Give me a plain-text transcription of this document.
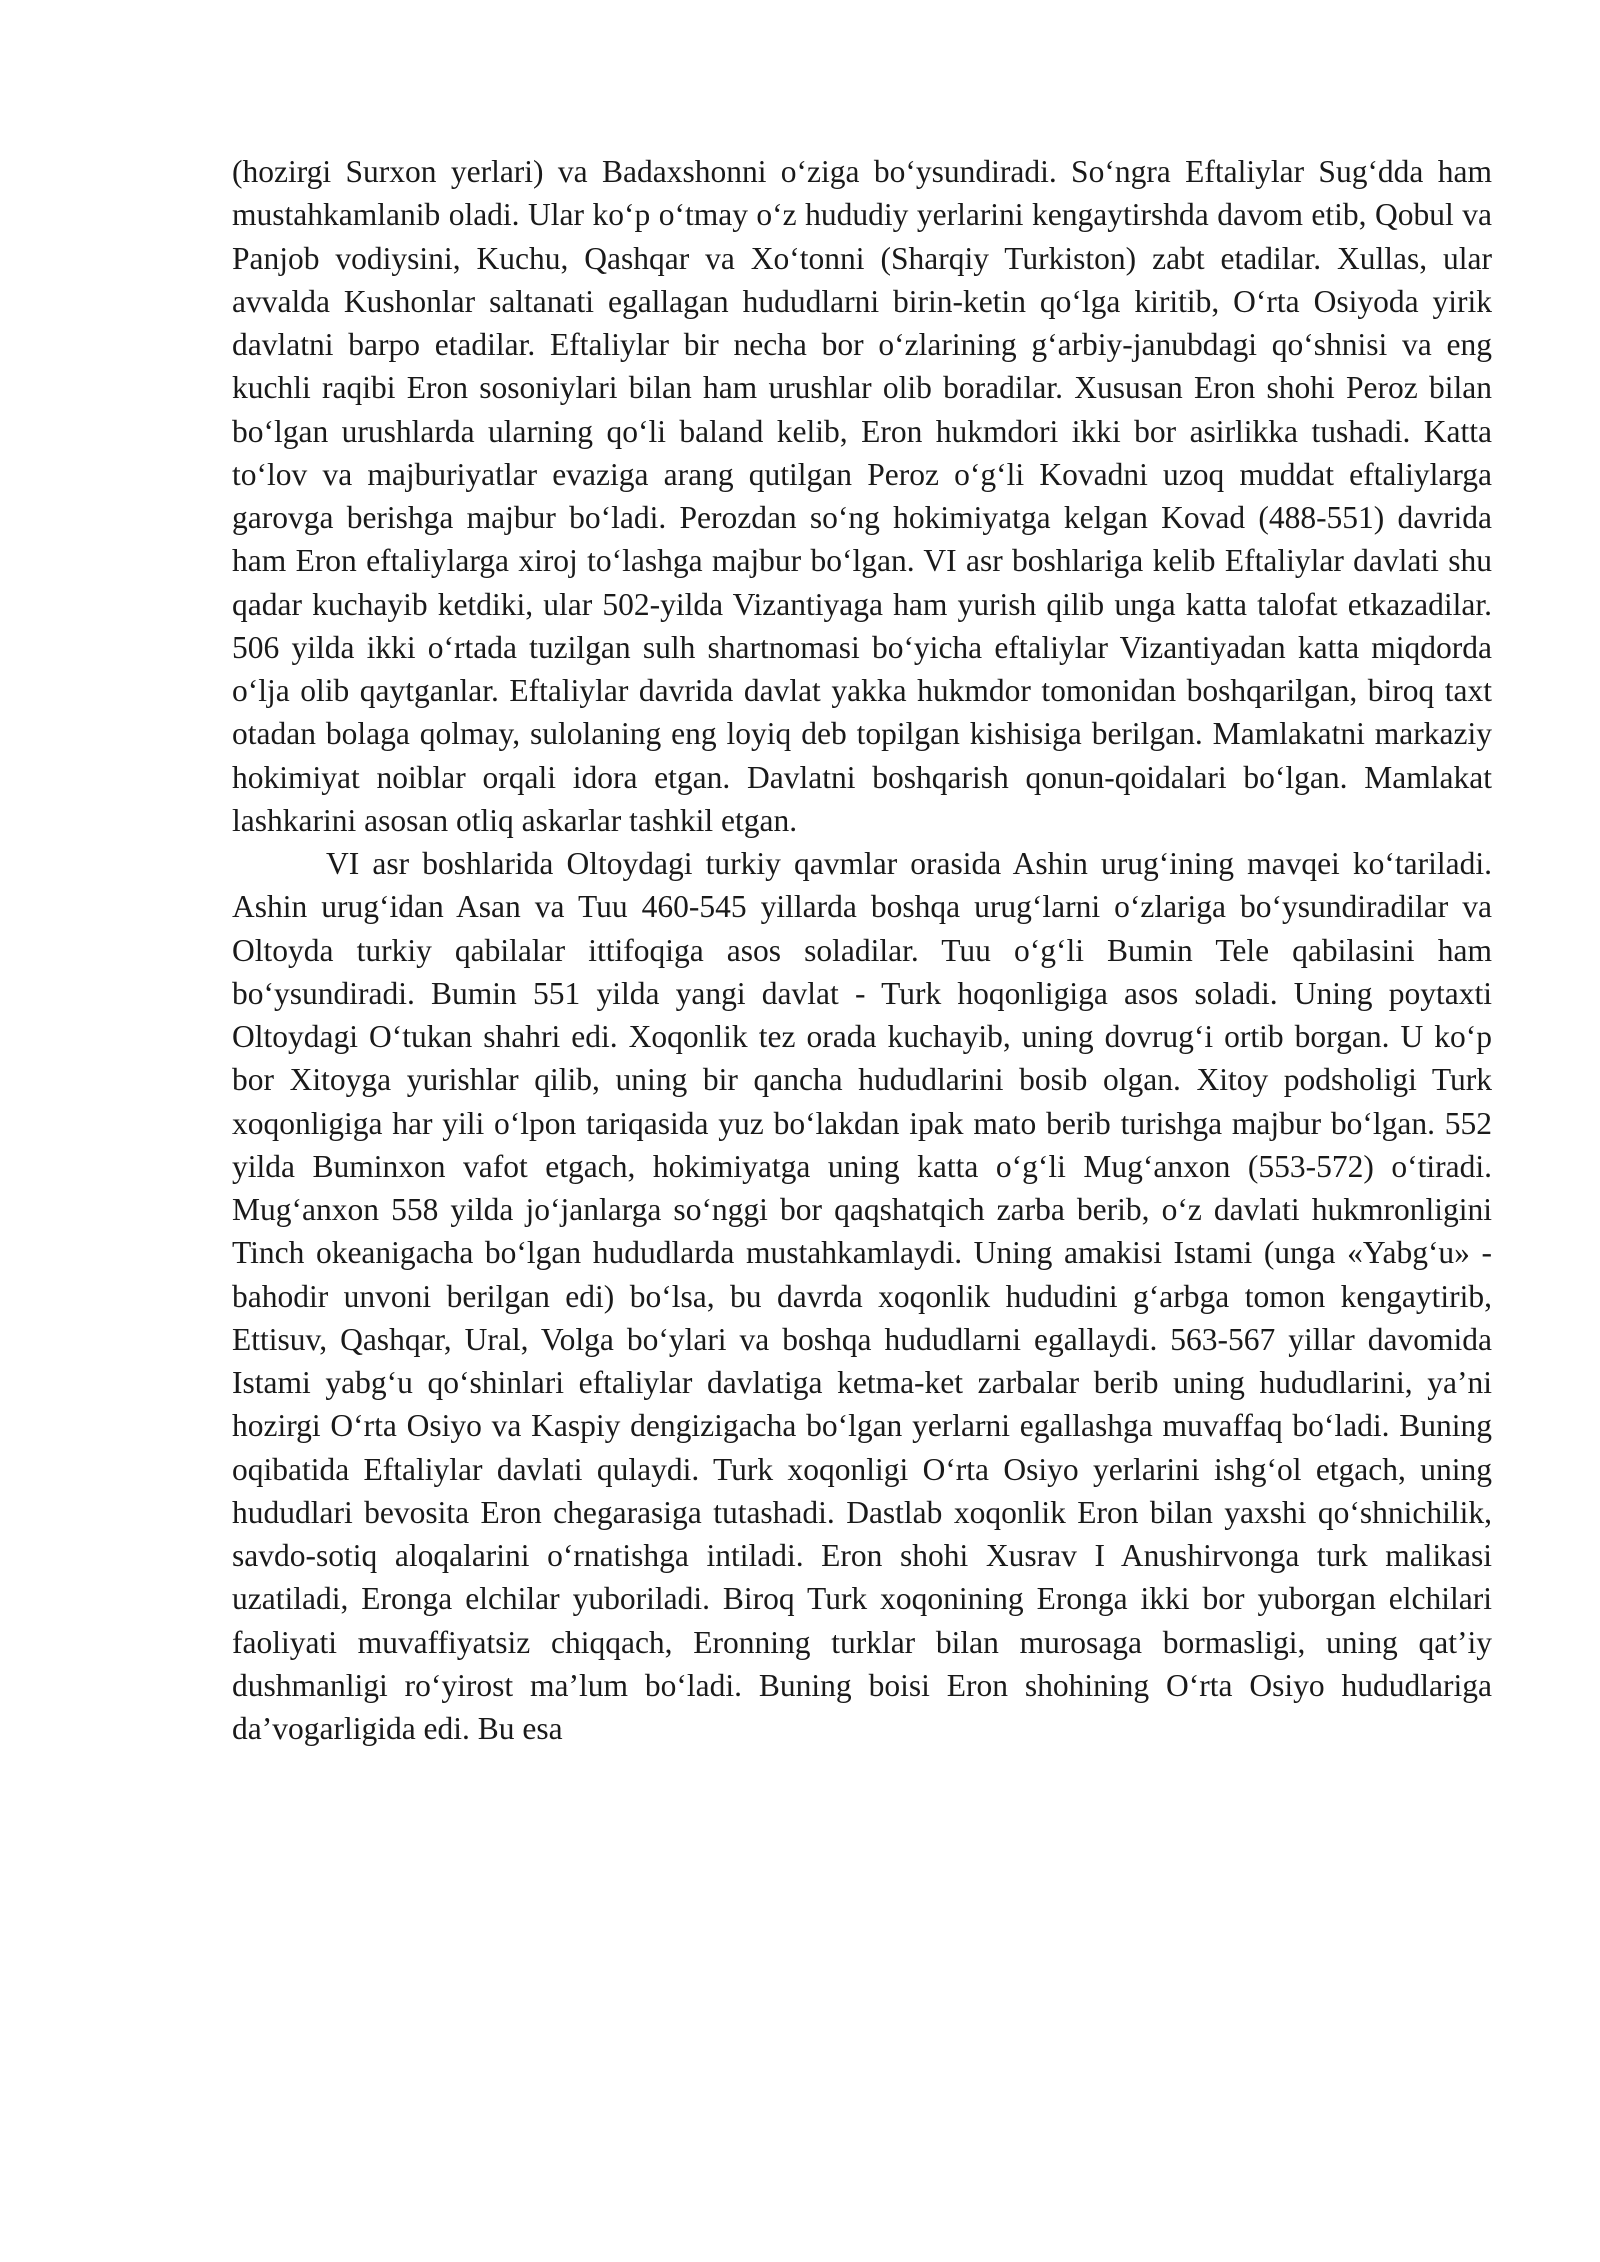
(hozirgi Surxon yerlari) va Badaxshonni o‘ziga bo‘ysundiradi. So‘ngra Eftaliylar Sug‘dda ham mustahkamlanib oladi. Ular ko‘p o‘tmay o‘z hududiy yerlarini kengaytirshda davom etib, Qobul va Panjob vodiysini, Kuchu, Qashqar va Xo‘tonni (Sharqiy Turkiston) zabt etadilar. Xullas, ular avvalda Kushonlar saltanati egallagan hududlarni birin-ketin qo‘lga kiritib, O‘rta Osiyoda yirik davlatni barpo etadilar. Eftaliylar bir necha bor o‘zlarining g‘arbiy-janubdagi qo‘shnisi va eng kuchli raqibi Eron sosoniylari bilan ham urushlar olib boradilar. Xususan Eron shohi Peroz bilan bo‘lgan urushlarda ularning qo‘li baland kelib, Eron hukmdori ikki bor asirlikka tushadi. Katta to‘lov va majburiyatlar evaziga arang qutilgan Peroz o‘g‘li Kovadni uzoq muddat eftaliylarga garovga berishga majbur bo‘ladi. Perozdan so‘ng hokimiyatga kelgan Kovad (488-551) davrida ham Eron eftaliylarga xiroj to‘lashga majbur bo‘lgan. VI asr boshlariga kelib Eftaliylar davlati shu qadar kuchayib ketdiki, ular 502-yilda Vizantiyaga ham yurish qilib unga katta talofat etkazadilar. 506 yilda ikki o‘rtada tuzilgan sulh shartnomasi bo‘yicha eftaliylar Vizantiyadan katta miqdorda o‘lja olib qaytganlar. Eftaliylar davrida davlat yakka hukmdor tomonidan boshqarilgan, biroq taxt otadan bolaga qolmay, sulolaning eng loyiq deb topilgan kishisiga berilgan. Mamlakatni markaziy hokimiyat noiblar orqali idora etgan. Davlatni boshqarish qonun-qoidalari bo‘lgan. Mamlakat lashkarini asosan otliq askarlar tashkil etgan.

VI asr boshlarida Oltoydagi turkiy qavmlar orasida Ashin urug‘ining mavqei ko‘tariladi. Ashin urug‘idan Asan va Tuu 460-545 yillarda boshqa urug‘larni o‘zlariga bo‘ysundiradilar va Oltoyda turkiy qabilalar ittifoqiga asos soladilar. Tuu o‘g‘li Bumin Tele qabilasini ham bo‘ysundiradi. Bumin 551 yilda yangi davlat - Turk hoqonligiga asos soladi. Uning poytaxti Oltoydagi O‘tukan shahri edi. Xoqonlik tez orada kuchayib, uning dovrug‘i ortib borgan. U ko‘p bor Xitoyga yurishlar qilib, uning bir qancha hududlarini bosib olgan. Xitoy podsholigi Turk xoqonligiga har yili o‘lpon tariqasida yuz bo‘lakdan ipak mato berib turishga majbur bo‘lgan. 552 yilda Buminxon vafot etgach, hokimiyatga uning katta o‘g‘li Mug‘anxon (553-572) o‘tiradi. Mug‘anxon 558 yilda jo‘janlarga so‘nggi bor qaqshatqich zarba berib, o‘z davlati hukmronligini Tinch okeanigacha bo‘lgan hududlarda mustahkamlaydi. Uning amakisi Istami (unga «Yabg‘u» - bahodir unvoni berilgan edi) bo‘lsa, bu davrda xoqonlik hududini g‘arbga tomon kengaytirib, Ettisuv, Qashqar, Ural, Volga bo‘ylari va boshqa hududlarni egallaydi. 563-567 yillar davomida Istami yabg‘u qo‘shinlari eftaliylar davlatiga ketma-ket zarbalar berib uning hududlarini, ya’ni hozirgi O‘rta Osiyo va Kaspiy dengizigacha bo‘lgan yerlarni egallashga muvaffaq bo‘ladi. Buning oqibatida Eftaliylar davlati qulaydi. Turk xoqonligi O‘rta Osiyo yerlarini ishg‘ol etgach, uning hududlari bevosita Eron chegarasiga tutashadi. Dastlab xoqonlik Eron bilan yaxshi qo‘shnichilik, savdo-sotiq aloqalarini o‘rnatishga intiladi. Eron shohi Xusrav I Anushirvonga turk malikasi uzatiladi, Eronga elchilar yuboriladi. Biroq Turk xoqonining Eronga ikki bor yuborgan elchilari faoliyati muvaffiyatsiz chiqqach, Eronning turklar bilan murosaga bormasligi, uning qat’iy dushmanligi ro‘yirost ma’lum bo‘ladi. Buning boisi Eron shohining O‘rta Osiyo hududlariga da’vogarligida edi. Bu esa
